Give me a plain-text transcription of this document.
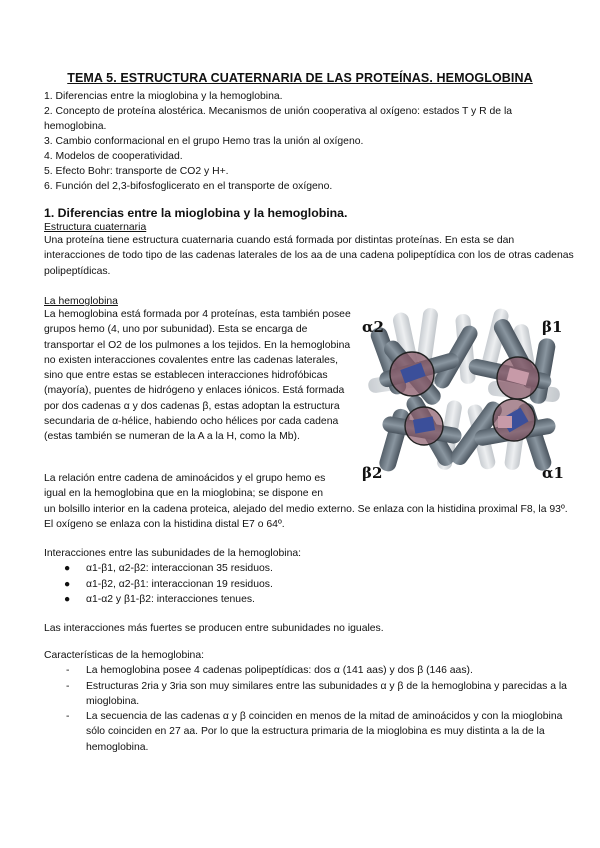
TEMA 5. ESTRUCTURA CUATERNARIA DE LAS PROTEÍNAS. HEMOGLOBINA
1. Diferencias entre la mioglobina y la hemoglobina.
2. Concepto de proteína alostérica. Mecanismos de unión cooperativa al oxígeno: estados T y R de la hemoglobina.
3. Cambio conformacional en el grupo Hemo tras la unión al oxígeno.
4. Modelos de cooperatividad.
5. Efecto Bohr: transporte de CO2 y H+.
6. Función del 2,3-bifosfoglicerato en el transporte de oxígeno.
1. Diferencias entre la mioglobina y la hemoglobina.
Estructura cuaternaria
Una proteína tiene estructura cuaternaria cuando está formada por distintas proteínas. En esta se dan interacciones de todo tipo de las cadenas laterales de los aa de una cadena polipeptídica con los de otras cadenas polipeptídicas.
La hemoglobina
La hemoglobina está formada por 4 proteínas, esta también posee grupos hemo (4, uno por subunidad). Esta se encarga de transportar el O2 de los pulmones a los tejidos. En la hemoglobina no existen interacciones covalentes entre las cadenas laterales, sino que entre estas se establecen interacciones hidrofóbicas (mayoría), puentes de hidrógeno y enlaces iónicos. Está formada por dos cadenas α y dos cadenas β, estas adoptan la estructura secundaria de α-hélice, habiendo ocho hélices por cada cadena (estas también se numeran de la A a la H, como la Mb).
La relación entre cadena de aminoácidos y el grupo hemo es
igual en la hemoglobina que en la mioglobina; se dispone en
un bolsillo interior en la cadena proteica, alejado del medio externo. Se enlaza con la histidina proximal F8, la 93º. El oxígeno se enlaza con la histidina distal E7 o 64º.
α2	β1
β2	α1
Interacciones entre las subunidades de la hemoglobina:
● α1-β1, α2-β2: interaccionan 35 residuos.
● α1-β2, α2-β1: interaccionan 19 residuos.
● α1-α2 y β1-β2: interacciones tenues.
Las interacciones más fuertes se producen entre subunidades no iguales.
Características de la hemoglobina:
- La hemoglobina posee 4 cadenas polipeptídicas: dos α (141 aas) y dos β (146 aas).
- Estructuras 2ria y 3ria son muy similares entre las subunidades α y β de la hemoglobina y parecidas a la mioglobina.
- La secuencia de las cadenas α y β coinciden en menos de la mitad de aminoácidos y con la mioglobina sólo coinciden en 27 aa. Por lo que la estructura primaria de la mioglobina es muy distinta a la de la hemoglobina.
